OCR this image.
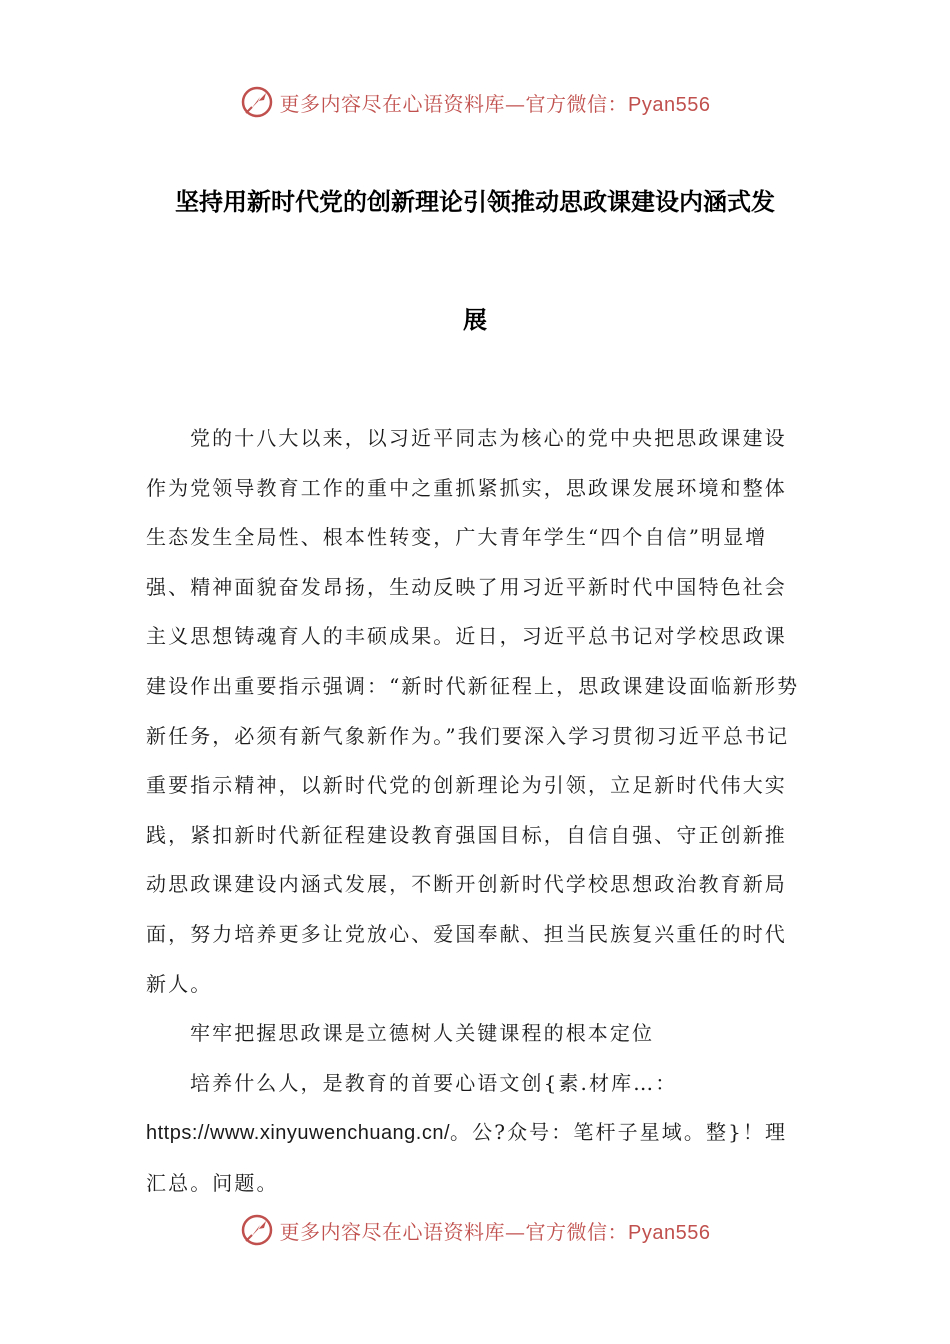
更多内容尽在心语资料库—官方微信：Pyan556
坚持用新时代党的创新理论引领推动思政课建设内涵式发
展

党的十八大以来，以习近平同志为核心的党中央把思政课建设作为党领导教育工作的重中之重抓紧抓实，思政课发展环境和整体生态发生全局性、根本性转变，广大青年学生“四个自信”明显增强、精神面貌奋发昂扬，生动反映了用习近平新时代中国特色社会主义思想铸魂育人的丰硕成果。近日，习近平总书记对学校思政课建设作出重要指示强调：“新时代新征程上，思政课建设面临新形势新任务，必须有新气象新作为。”我们要深入学习贯彻习近平总书记重要指示精神，以新时代党的创新理论为引领，立足新时代伟大实践，紧扣新时代新征程建设教育强国目标，自信自强、守正创新推动思政课建设内涵式发展，不断开创新时代学校思想政治教育新局面，努力培养更多让党放心、爱国奉献、担当民族复兴重任的时代新人。

牢牢把握思政课是立德树人关键课程的根本定位

培养什么人，是教育的首要心语文创{素.材库…：https://www.xinyuwenchuang.cn/。公?众号：笔杆子星域。整}！理汇总。问题。

更多内容尽在心语资料库—官方微信：Pyan556
